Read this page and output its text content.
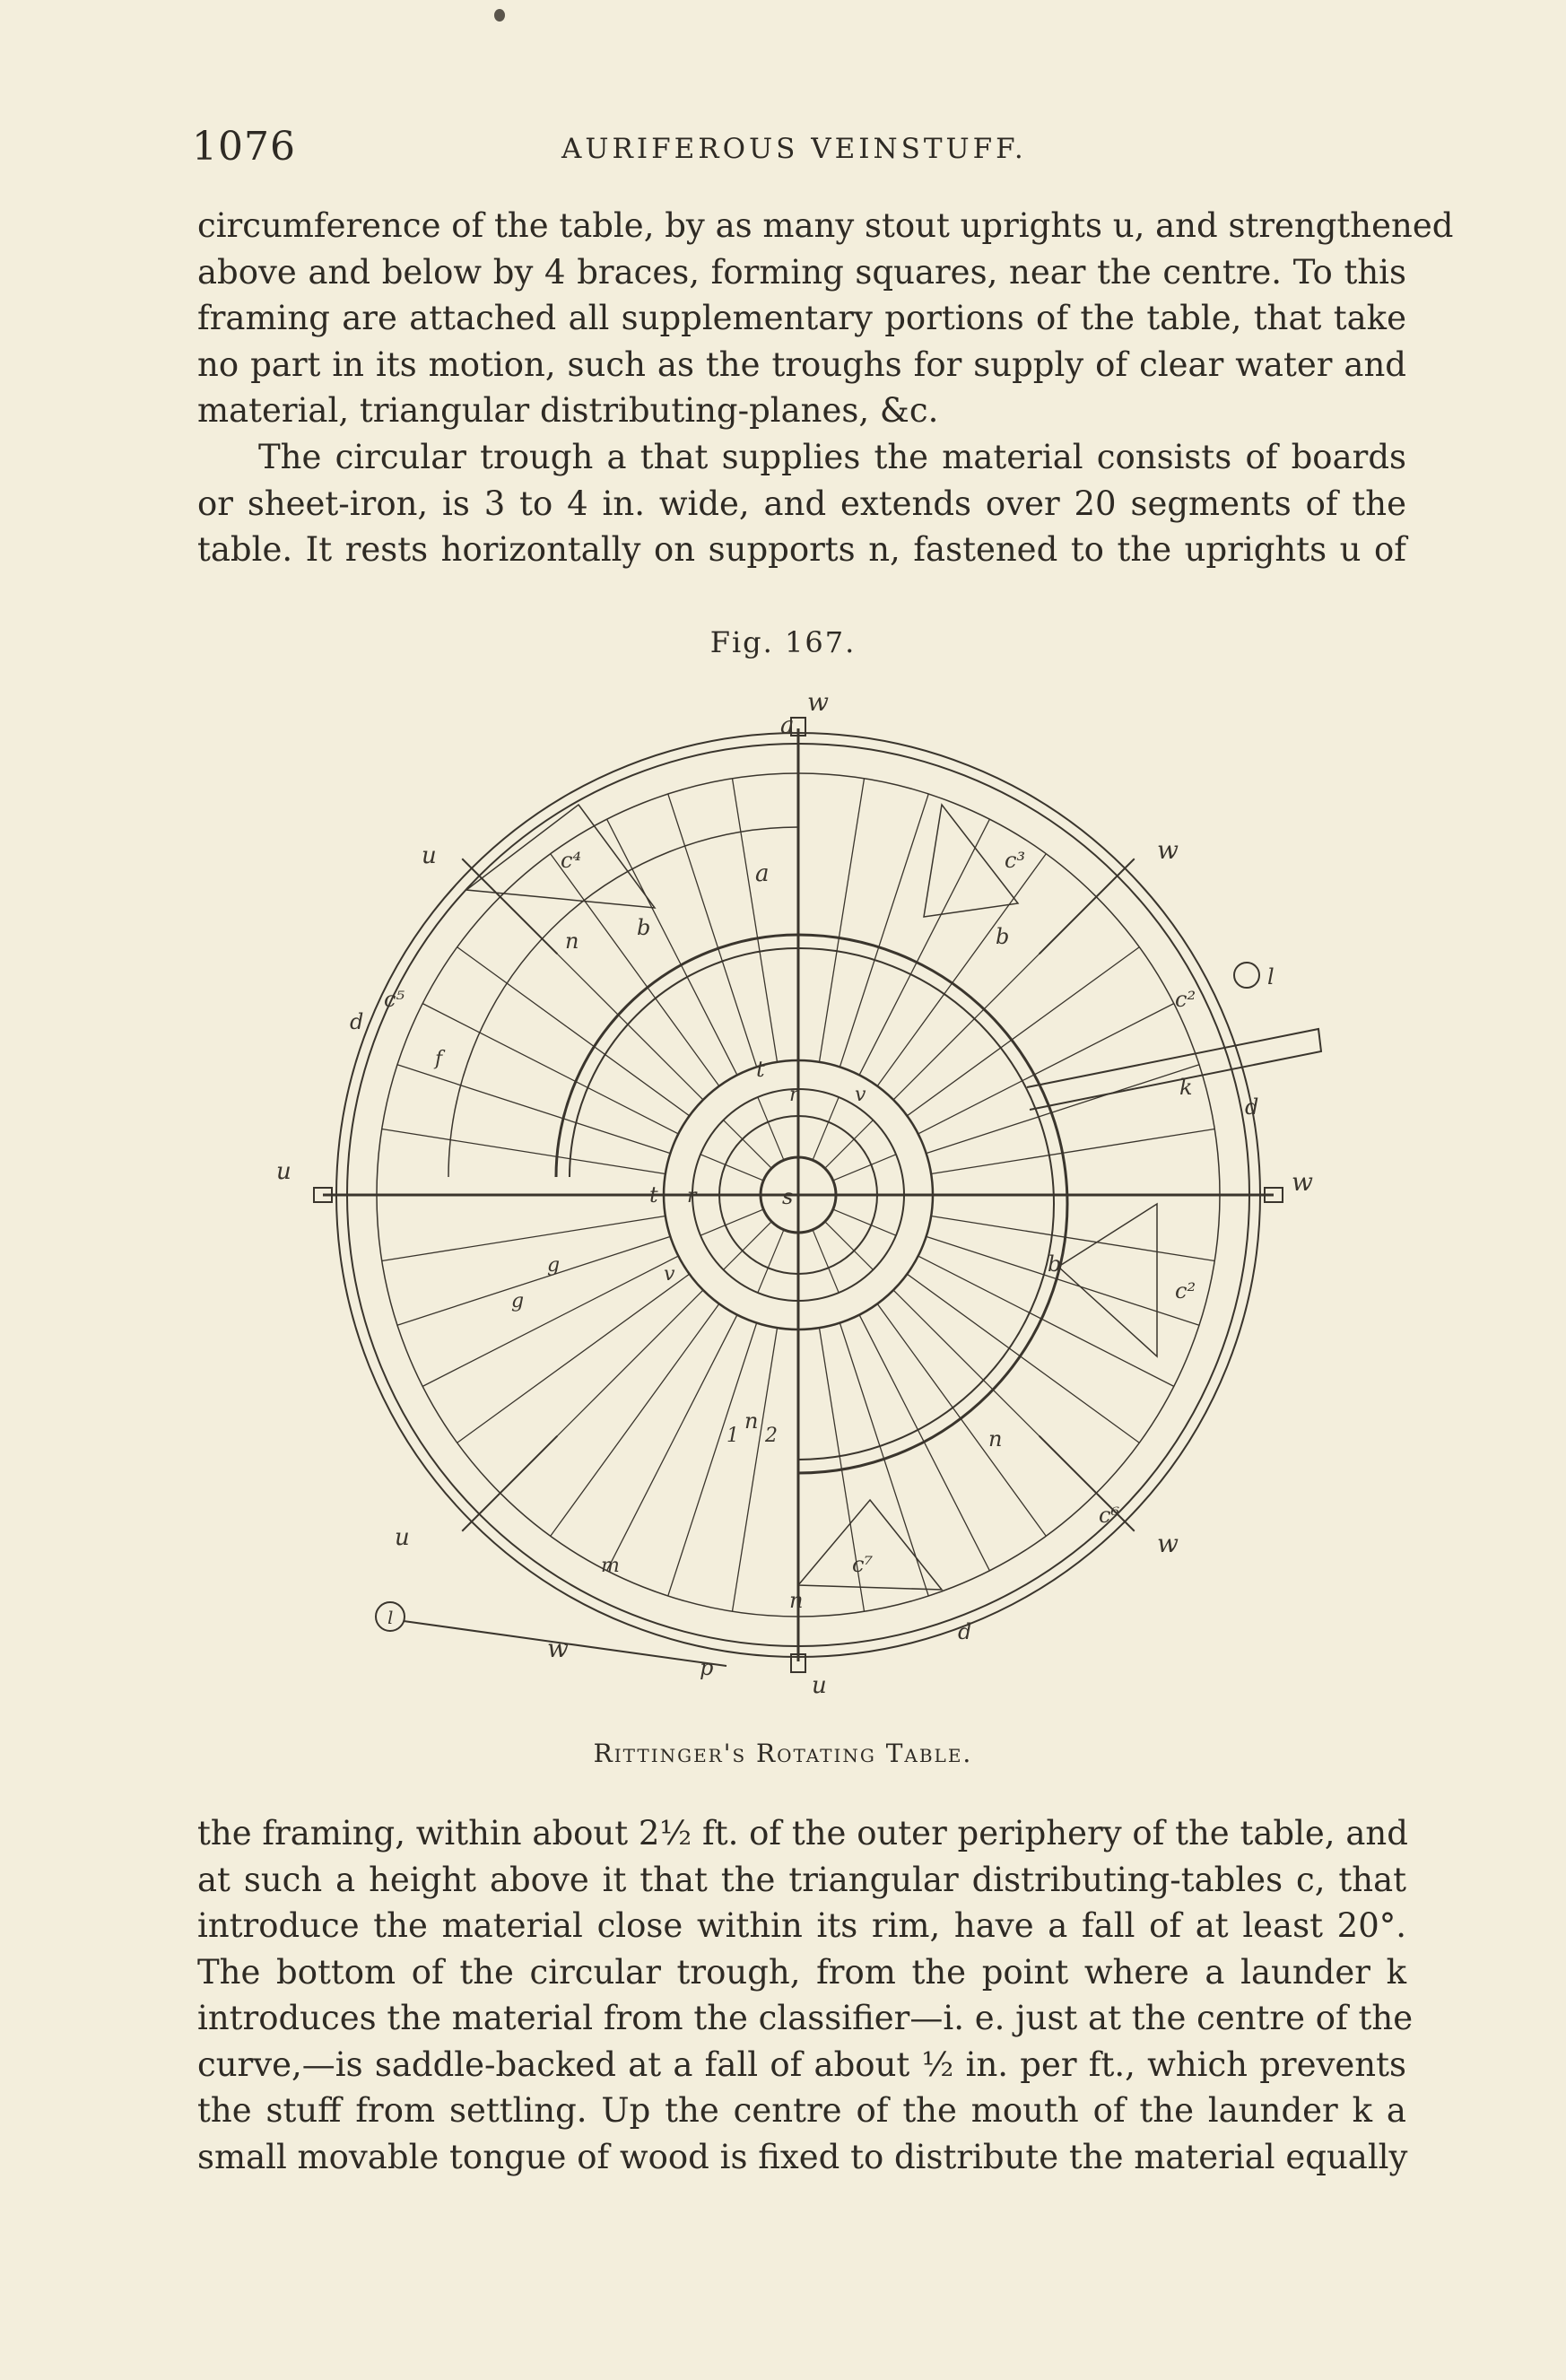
1076	AURIFEROUS VEINSTUFF.
circumference of the table, by as many stout uprights u, and strengthened
above and below by 4 braces, forming squares, near the centre. To this
framing are attached all supplementary portions of the table, that take
no part in its motion, such as the troughs for supply of clear water and
material, triangular distributing-planes, &c.
The circular trough a that supplies the material consists of boards
or sheet-iron, is 3 to 4 in. wide, and extends over 20 segments of the
table. It rests horizontally on supports n, fastened to the uprights u of
Fig. 167.
w
w
w
w
w
u
u
u
u
a
a
b	b
b
c⁴	c³
c²
c²
c⁷
c⁶
c⁵
d
d
d
m
l
l
k
p
s
t
t
r
r
v
v
n
n
n
n
1 2
g
g
f
Rittinger's Rotating Table.
the framing, within about 2½ ft. of the outer periphery of the table, and
at such a height above it that the triangular distributing-tables c, that
introduce the material close within its rim, have a fall of at least 20°.
The bottom of the circular trough, from the point where a launder k
introduces the material from the classifier—i. e. just at the centre of the
curve,—is saddle-backed at a fall of about ½ in. per ft., which prevents
the stuff from settling. Up the centre of the mouth of the launder k a
small movable tongue of wood is fixed to distribute the material equally
